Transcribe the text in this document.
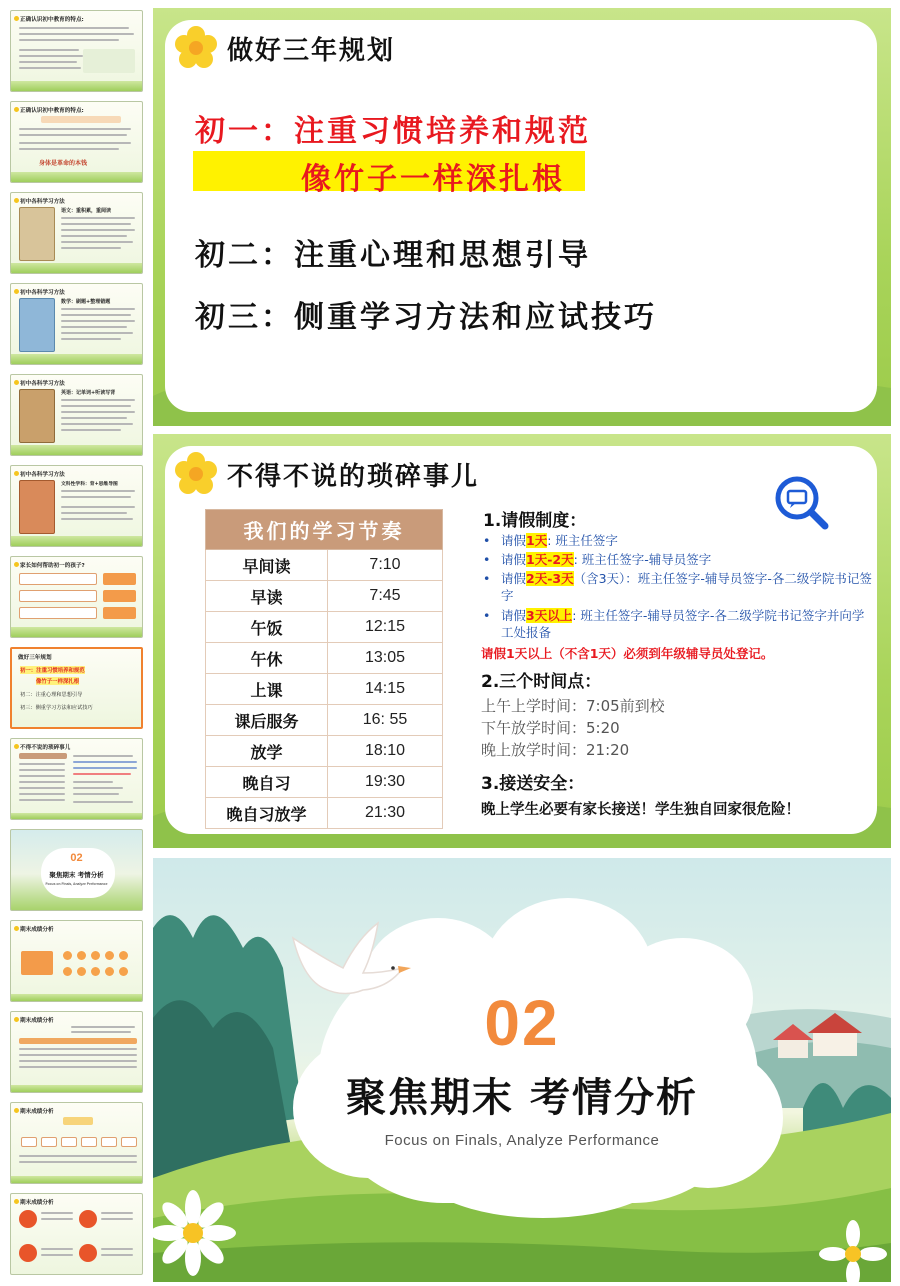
正确认识初中教育的特点:
正确认识初中教育的特点:
身体是革命的本钱
初中各科学习方法
语文：重积累，重阅读
初中各科学习方法
数学：刷题+整理错题
初中各科学习方法
英语：记单词+听读写背
初中各科学习方法
文科性学科：背+思维导图
家长如何帮助初一的孩子?
做好三年规划
初一：注重习惯培养和规范
像竹子一样深扎根
初二：注重心理和思想引导
初三：侧重学习方法和应试技巧
不得不说的琐碎事儿
02
聚焦期末 考情分析
Focus on Finals, Analyze Performance
期末成绩分析
期末成绩分析
期末成绩分析
期末成绩分析
做好三年规划
初一：注重习惯培养和规范
像竹子一样深扎根
初二：注重心理和思想引导
初三：侧重学习方法和应试技巧
不得不说的琐碎事儿
我们的学习节奏	
早间读	7:10
早读	7:45
午饭	12:15
午休	13:05
上课	14:15
课后服务	16: 55
放学	18:10
晚自习	19:30
晚自习放学	21:30
1.请假制度：
• 请假1天: 班主任签字
• 请假1天-2天: 班主任签字-辅导员签字
• 请假2天-3天（含3天）：班主任签字-辅导员签字-各二级学院书记签字
• 请假3天以上: 班主任签字-辅导员签字-各二级学院书记签字并向学工处报备
请假1天以上（不含1天）必须到年级辅导员处登记。
2.三个时间点：
上午上学时间：7:05前到校
下午放学时间：5:20
晚上放学时间：21:20
3.接送安全：
晚上学生必要有家长接送！学生独自回家很危险！
02
聚焦期末 考情分析
Focus on Finals, Analyze Performance
